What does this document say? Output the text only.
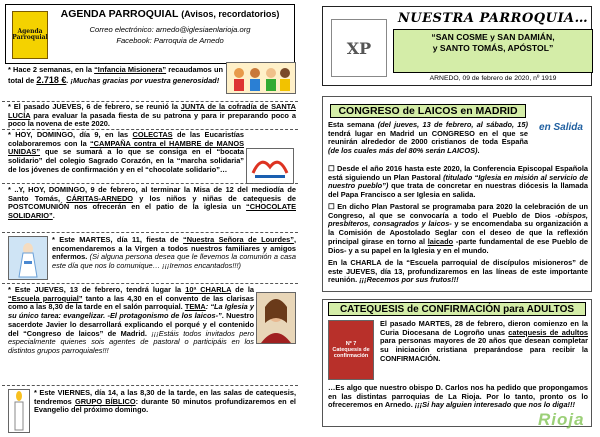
Agenda Parroquial
AGENDA PARROQUIAL (Avisos, recordatorios)
Correo electrónico: arnedo@iglesiaenlarioja.org
Facebook: Parroquia de Arnedo
* Hace 2 semanas, en la “Infancia Misionera” recaudamos un total de 2.718 €. ¡Muchas gracias por vuestra generosidad!
* El pasado JUEVES, 6 de febrero, se reunió la JUNTA de la cofradía de SANTA LUCÍA para evaluar la pasada fiesta de su patrona y para ir preparando poco a poco la novena de este 2020.
* HOY, DOMINGO, día 9, en las COLECTAS de las Eucaristías colaboraremos con la “CAMPAÑA contra el HAMBRE de MANOS UNIDAS” que se sumará a lo que se consiga en el “bocata solidario” del colegio Sagrado Corazón, en la “marcha solidaria” de los jóvenes de confirmación y en el “chocolate solidario”…
* ..Y, HOY, DOMINGO, 9 de febrero, al terminar la Misa de 12 del mediodía de Santo Tomás, CÁRITAS-ARNEDO y los niños y niñas de catequesis de POSTCOMUNIÓN nos ofrecerán en el patio de la iglesia un “CHOCOLATE SOLIDARIO”.
* Este MARTES, día 11, fiesta de “Nuestra Señora de Lourdes”, encomendaremos a la Virgen a todos nuestros familiares y amigos enfermos. (Si alguna persona desea que le llevemos la comunión a casa este día que nos lo comunique… ¡¡¡Iremos encantados!!!)
* Este JUEVES, 13 de febrero, tendrá lugar la 10ª CHARLA de la “Escuela parroquial” tanto a las 4,30 en el convento de las clarisas como a las 8,30 de la tarde en el salón parroquial. TEMA: “La Iglesia y su único tarea: evangelizar. -El protagonismo de los laicos-”. Nuestro sacerdote Javier lo desarrollará explicando el porqué y el contenido del “Congreso de laicos” de Madrid. ¡¡¡Estáis todos invitados pero especialmente quienes sois agentes de pastoral o participáis en los distintos grupos parroquiales!!!
* Este VIERNES, día 14, a las 8,30 de la tarde, en las salas de catequesis, tendremos GRUPO BÍBLICO: durante 50 minutos profundizaremos en el Evangelio del próximo domingo.
XP
NUESTRA PARROQUIA…
“SAN COSME y SAN DAMIÁN,
y SANTO TOMÁS, APÓSTOL”
ARNEDO, 09 de febrero de 2020, nº 1919
CONGRESO de LAICOS en MADRID
en Salida
Esta semana (del jueves, 13 de febrero, al sábado, 15) tendrá lugar en Madrid un CONGRESO en el que se reunirán alrededor de 2000 cristianos de toda España (de los cuales más del 80% serán LAICOS).
☐ Desde el año 2016 hasta este 2020, la Conferencia Episcopal Española está siguiendo un Plan Pastoral (titulado “Iglesia en misión al servicio de nuestro pueblo”) que trata de concretar en nuestras diócesis la llamada del Papa Francisco a ser Iglesia en salida.
☐ En dicho Plan Pastoral se programaba para 2020 la celebración de un Congreso, al que se convocaría a todo el Pueblo de Dios -obispos, presbíteros, consagrados y laicos- y se encomendaba su organización a la Comisión de Apostolado Seglar con el deseo de que la reflexión principal girase en torno al laicado -parte fundamental de ese Pueblo de Dios- y a su papel en la Iglesia y en el mundo.
En la CHARLA de la “Escuela parroquial de discípulos misioneros” de este JUEVES, día 13, profundizaremos en las líneas de este importante reunión. ¡¡¡Recemos por sus frutos!!!
CATEQUESIS de CONFIRMACIÓN para ADULTOS
Nº 7 Catequesis de confirmación
El pasado MARTES, 28 de febrero, dieron comienzo en la Curia Diocesana de Logroño unas catequesis de adultos para personas mayores de 20 años que desean completar su iniciación cristiana preparándose para recibir la CONFIRMACIÓN.
…Es algo que nuestro obispo D. Carlos nos ha pedido que propongamos en las distintas parroquias de La Rioja. Por lo tanto, pronto os lo ofreceremos en Arnedo. ¡¡¡Si hay alguien interesado que nos lo diga!!!
Rioja
